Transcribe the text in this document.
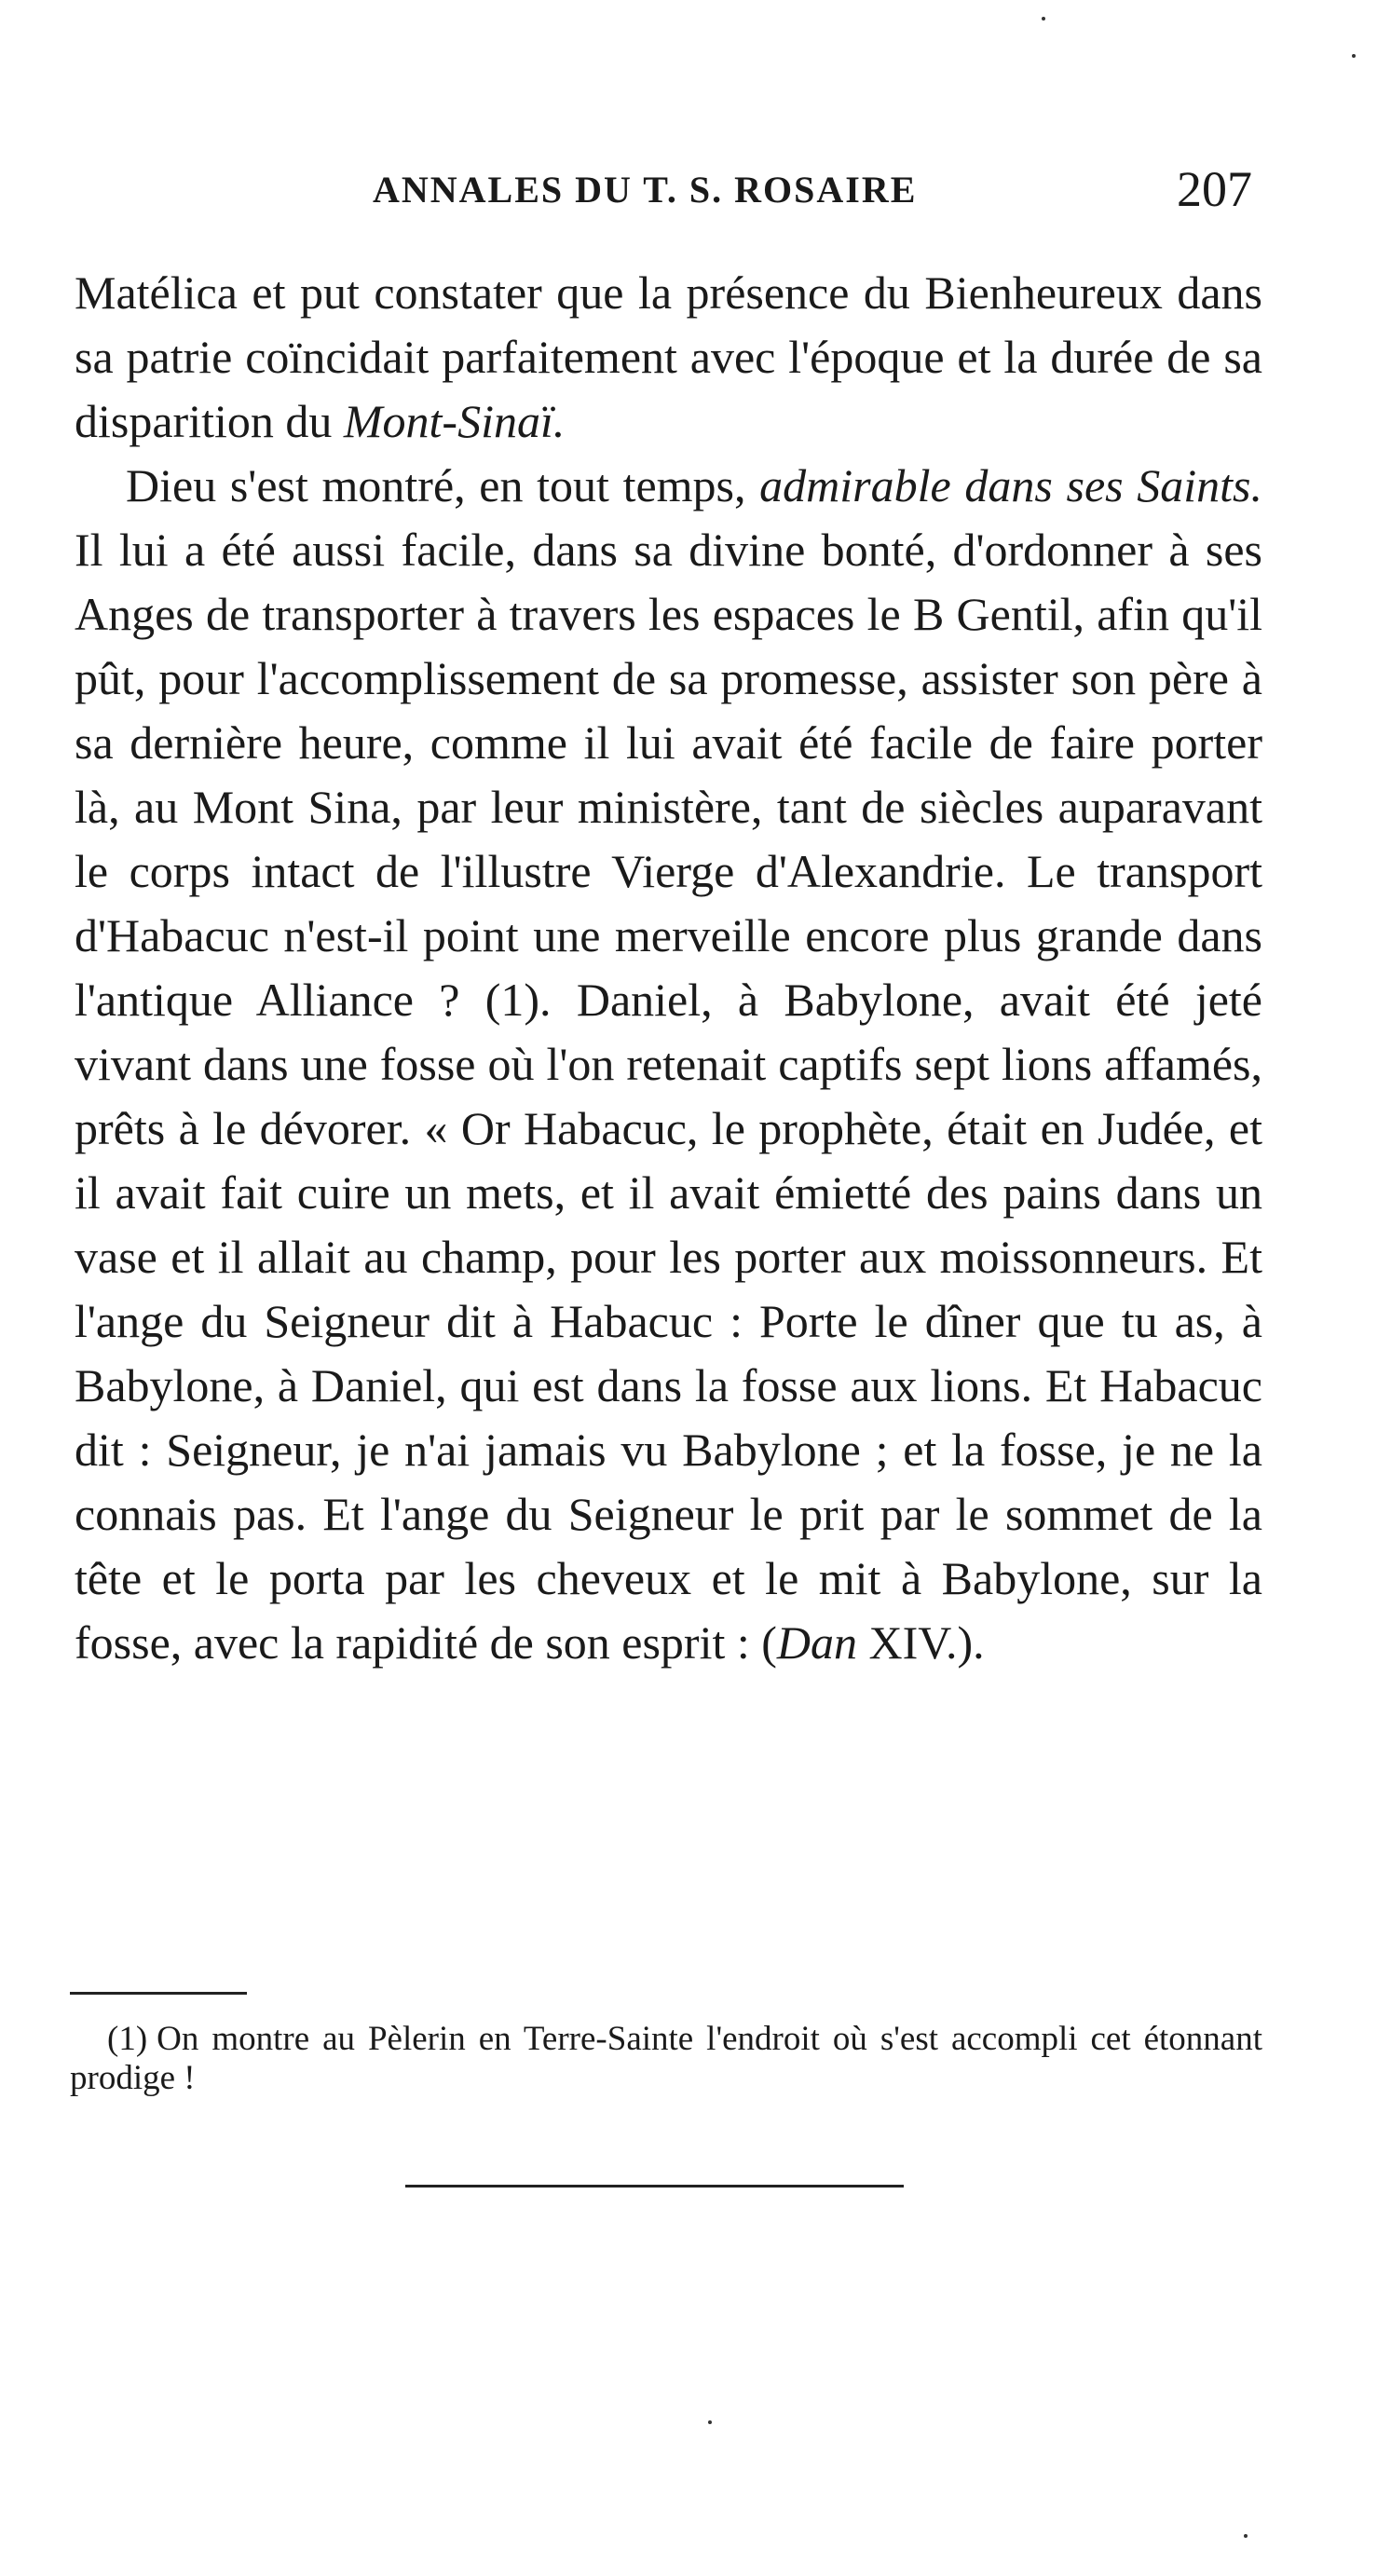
ANNALES DU T. S. ROSAIRE	207

Matélica et put constater que la présence du Bienheureux dans sa patrie coïncidait parfaitement avec l'époque et la durée de sa disparition du Mont-Sinaï.

Dieu s'est montré, en tout temps, admirable dans ses Saints. Il lui a été aussi facile, dans sa divine bonté, d'ordonner à ses Anges de transporter à travers les espaces le B Gentil, afin qu'il pût, pour l'accomplissement de sa promesse, assister son père à sa dernière heure, comme il lui avait été facile de faire porter là, au Mont Sina, par leur ministère, tant de siècles auparavant le corps intact de l'illustre Vierge d'Alexandrie. Le transport d'Habacuc n'est-il point une merveille encore plus grande dans l'antique Alliance ? (1). Daniel, à Babylone, avait été jeté vivant dans une fosse où l'on retenait captifs sept lions affamés, prêts à le dévorer. « Or Habacuc, le prophète, était en Judée, et il avait fait cuire un mets, et il avait émietté des pains dans un vase et il allait au champ, pour les porter aux moissonneurs. Et l'ange du Seigneur dit à Habacuc : Porte le dîner que tu as, à Babylone, à Daniel, qui est dans la fosse aux lions. Et Habacuc dit : Seigneur, je n'ai jamais vu Babylone ; et la fosse, je ne la connais pas. Et l'ange du Seigneur le prit par le sommet de la tête et le porta par les cheveux et le mit à Babylone, sur la fosse, avec la rapidité de son esprit : (Dan XIV.).

(1) On montre au Pèlerin en Terre-Sainte l'endroit où s'est accompli cet étonnant prodige !
